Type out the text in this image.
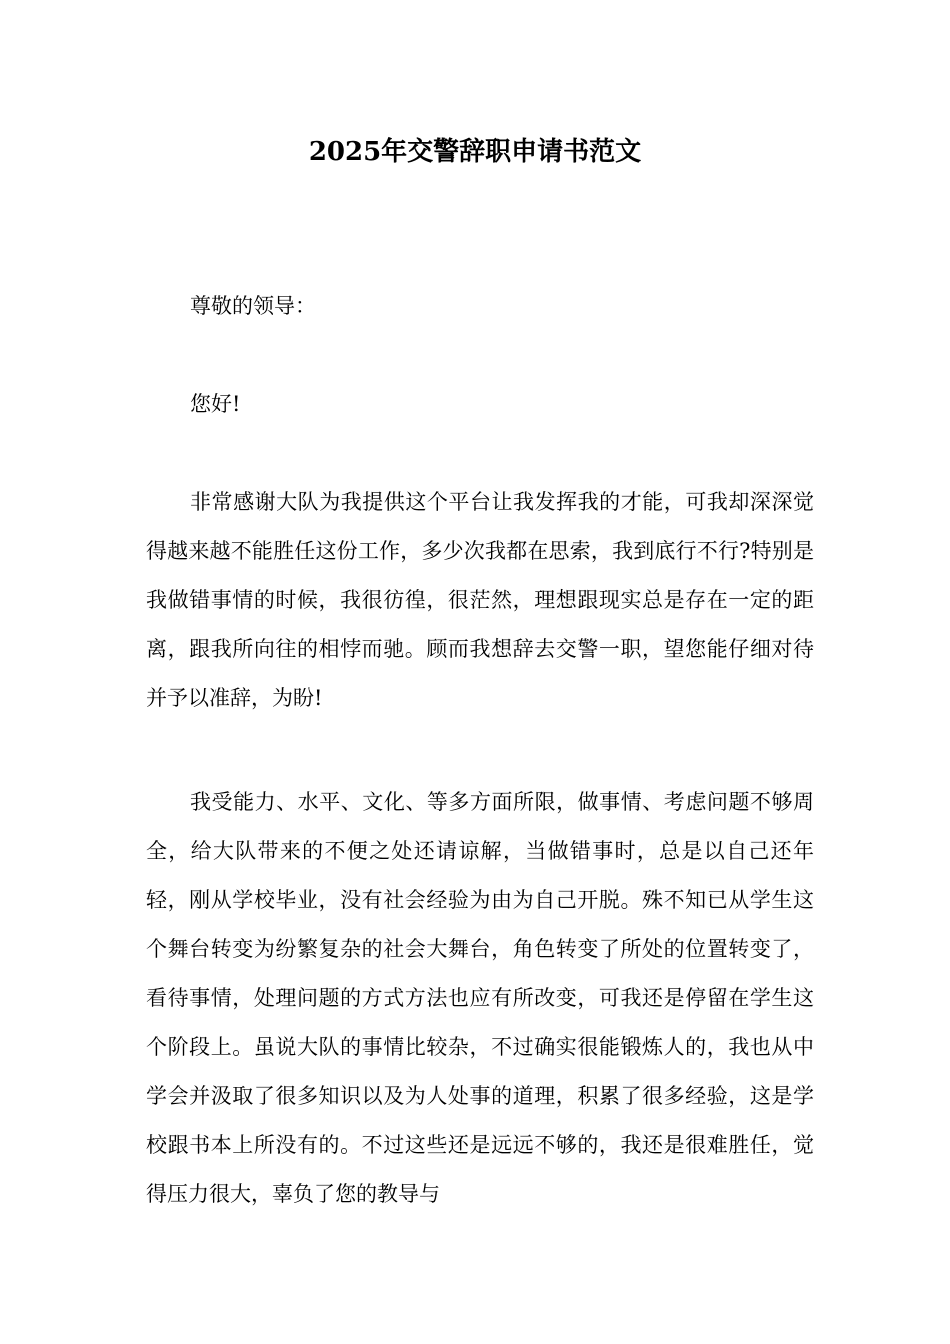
2025年交警辞职申请书范文

尊敬的领导：

您好!

非常感谢大队为我提供这个平台让我发挥我的才能，可我却深深觉得越来越不能胜任这份工作，多少次我都在思索，我到底行不行?特别是我做错事情的时候，我很彷徨，很茫然，理想跟现实总是存在一定的距离，跟我所向往的相悖而驰。顾而我想辞去交警一职，望您能仔细对待并予以准辞，为盼!

我受能力、水平、文化、等多方面所限，做事情、考虑问题不够周全，给大队带来的不便之处还请谅解，当做错事时，总是以自己还年轻，刚从学校毕业，没有社会经验为由为自己开脱。殊不知已从学生这个舞台转变为纷繁复杂的社会大舞台，角色转变了所处的位置转变了，看待事情，处理问题的方式方法也应有所改变，可我还是停留在学生这个阶段上。虽说大队的事情比较杂，不过确实很能锻炼人的，我也从中学会并汲取了很多知识以及为人处事的道理，积累了很多经验，这是学校跟书本上所没有的。不过这些还是远远不够的，我还是很难胜任，觉得压力很大，辜负了您的教导与
